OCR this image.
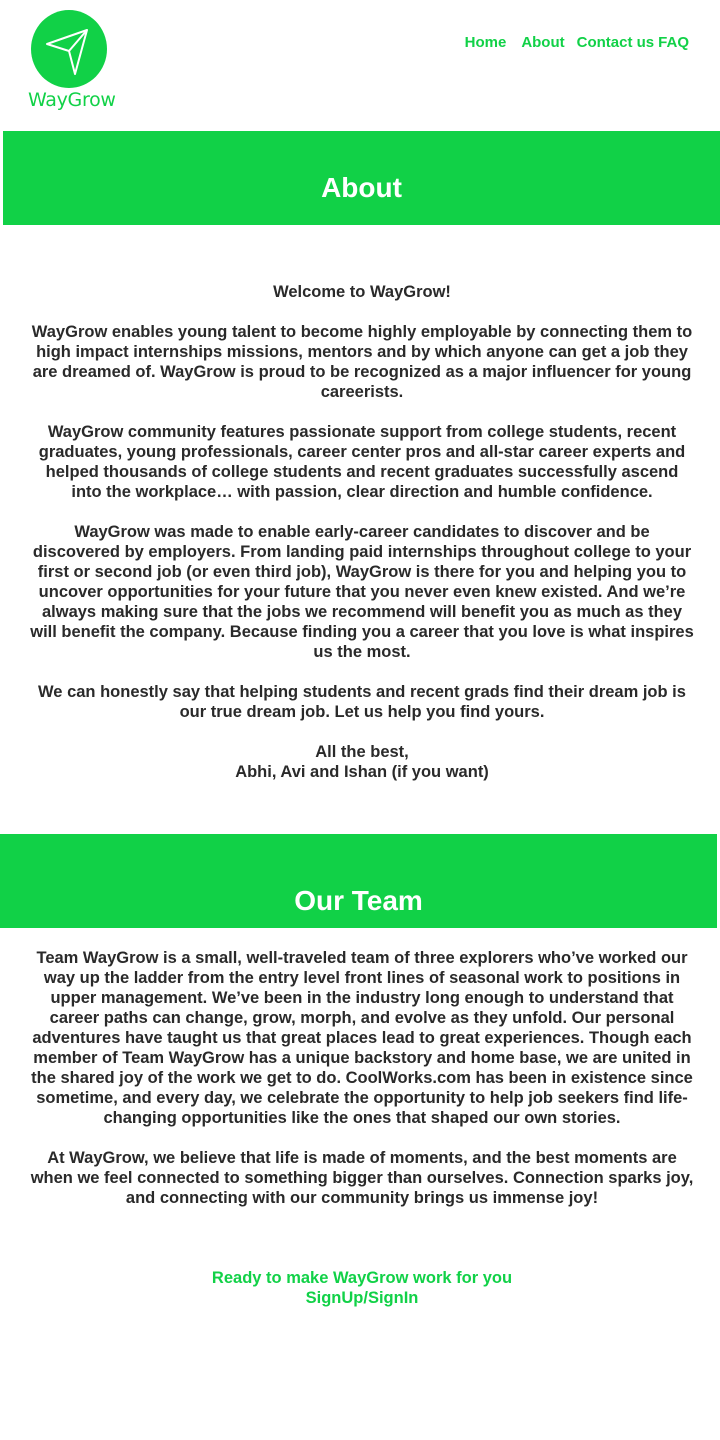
WayGrow
Home About Contact us FAQ
About

Welcome to WayGrow!

WayGrow enables young talent to become highly employable by connecting them to high impact internships missions, mentors and by which anyone can get a job they are dreamed of. WayGrow is proud to be recognized as a major influencer for young careerists.

WayGrow community features passionate support from college students, recent graduates, young professionals, career center pros and all-star career experts and helped thousands of college students and recent graduates successfully ascend into the workplace… with passion, clear direction and humble confidence.

WayGrow was made to enable early-career candidates to discover and be discovered by employers. From landing paid internships throughout college to your first or second job (or even third job), WayGrow is there for you and helping you to uncover opportunities for your future that you never even knew existed. And we’re always making sure that the jobs we recommend will benefit you as much as they will benefit the company. Because finding you a career that you love is what inspires us the most.

We can honestly say that helping students and recent grads find their dream job is our true dream job. Let us help you find yours.

All the best,
Abhi, Avi and Ishan (if you want)

Our Team

Team WayGrow is a small, well-traveled team of three explorers who’ve worked our way up the ladder from the entry level front lines of seasonal work to positions in upper management. We’ve been in the industry long enough to understand that career paths can change, grow, morph, and evolve as they unfold. Our personal adventures have taught us that great places lead to great experiences. Though each member of Team WayGrow has a unique backstory and home base, we are united in the shared joy of the work we get to do. CoolWorks.com has been in existence since sometime, and every day, we celebrate the opportunity to help job seekers find life-changing opportunities like the ones that shaped our own stories.

At WayGrow, we believe that life is made of moments, and the best moments are when we feel connected to something bigger than ourselves. Connection sparks joy, and connecting with our community brings us immense joy!

Ready to make WayGrow work for you
SignUp/SignIn
